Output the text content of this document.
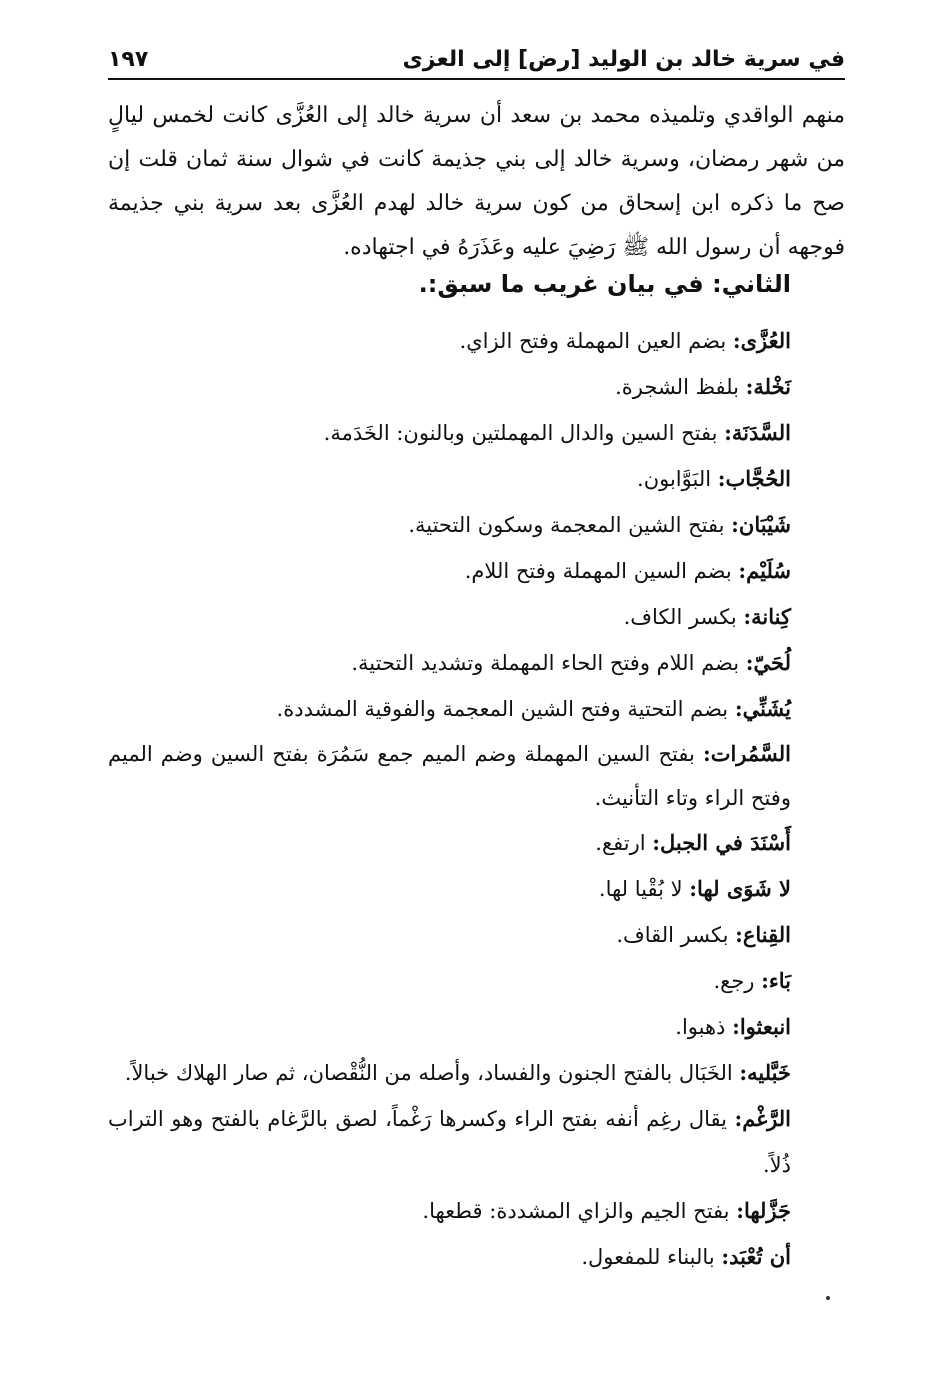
في سرية خالد بن الوليد [رض] إلى العزى
١٩٧

منهم الواقدي وتلميذه محمد بن سعد أن سرية خالد إلى العُزَّى كانت لخمس ليالٍ من شهر رمضان، وسرية خالد إلى بني جذيمة كانت في شوال سنة ثمان قلت إن صح ما ذكره ابن إسحاق من كون سرية خالد لهدم العُزَّى بعد سرية بني جذيمة فوجهه أن رسول الله ﷺ رَضِيَ عليه وعَذَرَهُ في اجتهاده.

الثاني: في بيان غريب ما سبق:.

العُزَّى: بضم العين المهملة وفتح الزاي.
نَخْلة: بلفظ الشجرة.
السَّدَنَة: بفتح السين والدال المهملتين وبالنون: الخَدَمة.
الحُجَّاب: البَوَّابون.
شَيْبَان: بفتح الشين المعجمة وسكون التحتية.
سُلَيْم: بضم السين المهملة وفتح اللام.
كِنانة: بكسر الكاف.
لُحَيّ: بضم اللام وفتح الحاء المهملة وتشديد التحتية.
يُشَنِّي: بضم التحتية وفتح الشين المعجمة والفوقية المشددة.
السَّمُرات: بفتح السين المهملة وضم الميم جمع سَمُرَة بفتح السين وضم الميم وفتح الراء وتاء التأنيث.
أَسْنَدَ في الجبل: ارتفع.
لا شَوَى لها: لا بُقْيا لها.
القِناع: بكسر القاف.
بَاء: رجع.
انبعثوا: ذهبوا.
خَبَّليه: الخَبَال بالفتح الجنون والفساد، وأصله من النُّقْصان، ثم صار الهلاك خبالاً.
الرَّغْم: يقال رغِم أنفه بفتح الراء وكسرها رَغْماً، لصق بالرَّغام بالفتح وهو التراب ذُلاً.
جَزَّلها: بفتح الجيم والزاي المشددة: قطعها.
أن تُعْبَد: بالبناء للمفعول.
